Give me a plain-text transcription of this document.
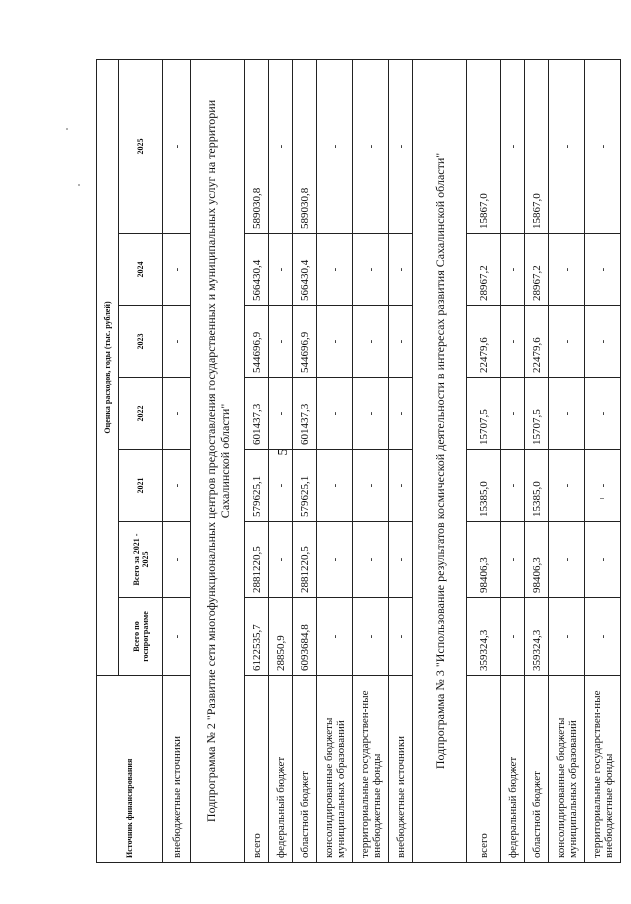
5
Источник финансирования	Оценка расходов, годы (тыс. рублей)						
	Всего по госпрограмме	Всего за 2021 - 2025	2021	2022	2023	2024	2025
внебюджетные источники	-	-	-	-	-	-	-
Подпрограмма № 2 "Развитие сети многофункциональных центров предоставления государственных и муниципальных услуг на территории Сахалинской области"							
всего	6122535,7	2881220,5	579625,1	601437,3	544696,9	566430,4	589030,8
федеральный бюджет	28850,9	-	-	-	-	-	-
областной бюджет	6093684,8	2881220,5	579625,1	601437,3	544696,9	566430,4	589030,8
консолидированные бюджеты муниципальных образований	-	-	-	-	-	-	-
территориальные государствен-ные внебюджетные фонды	-	-	-	-	-	-	-
внебюджетные источники	-	-	-	-	-	-	-
Подпрограмма № 3 "Использование результатов космической деятельности в интересах развития Сахалинской области"							
всего	359324,3	98406,3	15385,0	15707,5	22479,6	28967,2	15867,0
федеральный бюджет	-	-	-	-	-	-	-
областной бюджет	359324,3	98406,3	15385,0	15707,5	22479,6	28967,2	15867,0
консолидированные бюджеты муниципальных образований	-	-	-	-	-	-	-
территориальные государствен-ные внебюджетные фонды	-	-	-	-	-	-	-
